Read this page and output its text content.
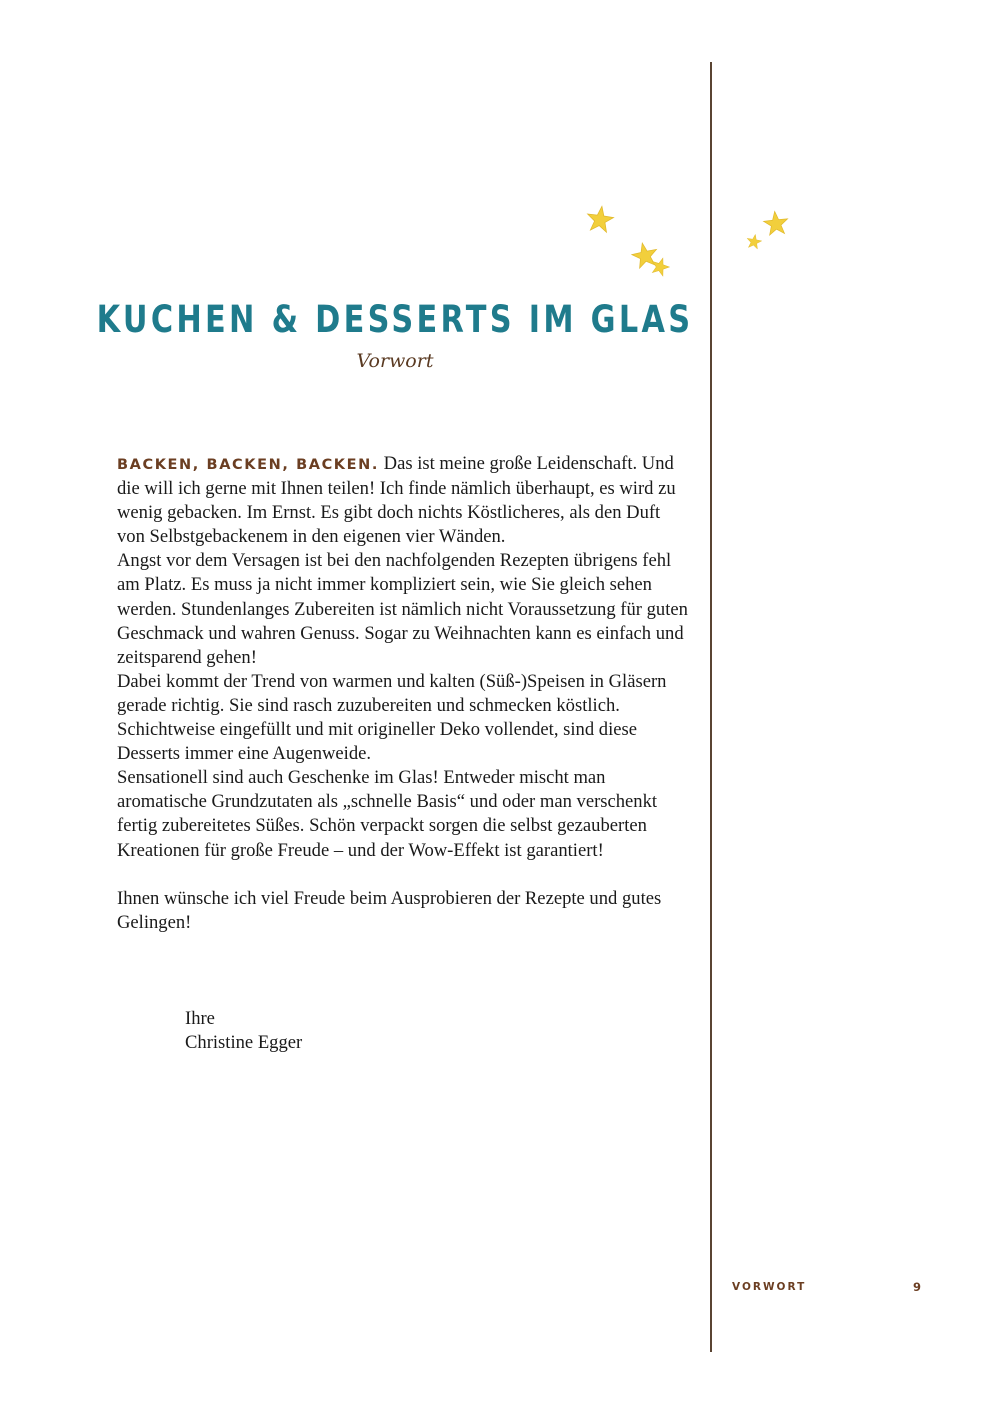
KUCHEN & DESSERTS IM GLAS
Vorwort

BACKEN, BACKEN, BACKEN. Das ist meine große Leidenschaft. Und die will ich gerne mit Ihnen teilen! Ich finde nämlich überhaupt, es wird zu wenig gebacken. Im Ernst. Es gibt doch nichts Köstlicheres, als den Duft von Selbstgebackenem in den eigenen vier Wänden.

Angst vor dem Versagen ist bei den nachfolgenden Rezepten übrigens fehl am Platz. Es muss ja nicht immer kompliziert sein, wie Sie gleich sehen werden. Stundenlanges Zubereiten ist nämlich nicht Voraussetzung für guten Geschmack und wahren Genuss. Sogar zu Weihnachten kann es einfach und zeitsparend gehen!

Dabei kommt der Trend von warmen und kalten (Süß-)Speisen in Gläsern gerade richtig. Sie sind rasch zuzubereiten und schmecken köstlich. Schichtweise eingefüllt und mit origineller Deko vollendet, sind diese Desserts immer eine Augenweide.

Sensationell sind auch Geschenke im Glas! Entweder mischt man aromatische Grundzutaten als „schnelle Basis“ und oder man verschenkt fertig zubereitetes Süßes. Schön verpackt sorgen die selbst gezauberten Kreationen für große Freude – und der Wow-Effekt ist garantiert!

Ihnen wünsche ich viel Freude beim Ausprobieren der Rezepte und gutes Gelingen!

Ihre
Christine Egger
VORWORT	9
